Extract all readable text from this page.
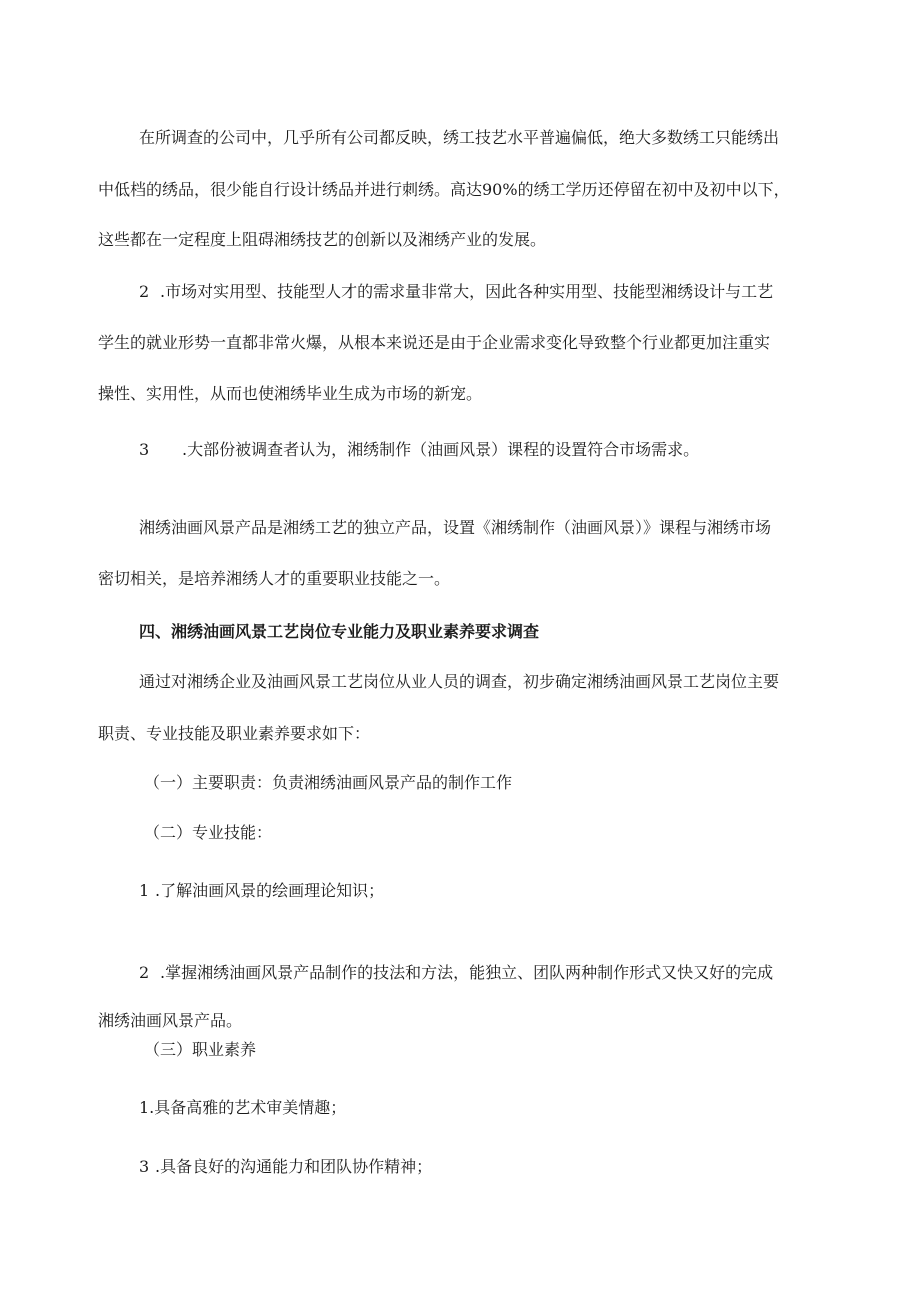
在所调查的公司中，几乎所有公司都反映，绣工技艺水平普遍偏低，绝大多数绣工只能绣出
中低档的绣品，很少能自行设计绣品并进行刺绣。高达90%的绣工学历还停留在初中及初中以下，
这些都在一定程度上阻碍湘绣技艺的创新以及湘绣产业的发展。
2 .市场对实用型、技能型人才的需求量非常大，因此各种实用型、技能型湘绣设计与工艺
学生的就业形势一直都非常火爆，从根本来说还是由于企业需求变化导致整个行业都更加注重实
操性、实用性，从而也使湘绣毕业生成为市场的新宠。
3 .大部份被调查者认为，湘绣制作（油画风景）课程的设置符合市场需求。
湘绣油画风景产品是湘绣工艺的独立产品，设置《湘绣制作（油画风景）》课程与湘绣市场
密切相关，是培养湘绣人才的重要职业技能之一。
四、湘绣油画风景工艺岗位专业能力及职业素养要求调查
通过对湘绣企业及油画风景工艺岗位从业人员的调查，初步确定湘绣油画风景工艺岗位主要
职责、专业技能及职业素养要求如下：
（一）主要职责：负责湘绣油画风景产品的制作工作
（二）专业技能：
1 .了解油画风景的绘画理论知识；
2 .掌握湘绣油画风景产品制作的技法和方法，能独立、团队两种制作形式又快又好的完成
湘绣油画风景产品。
（三）职业素养
1.具备高雅的艺术审美情趣；
3 .具备良好的沟通能力和团队协作精神；
